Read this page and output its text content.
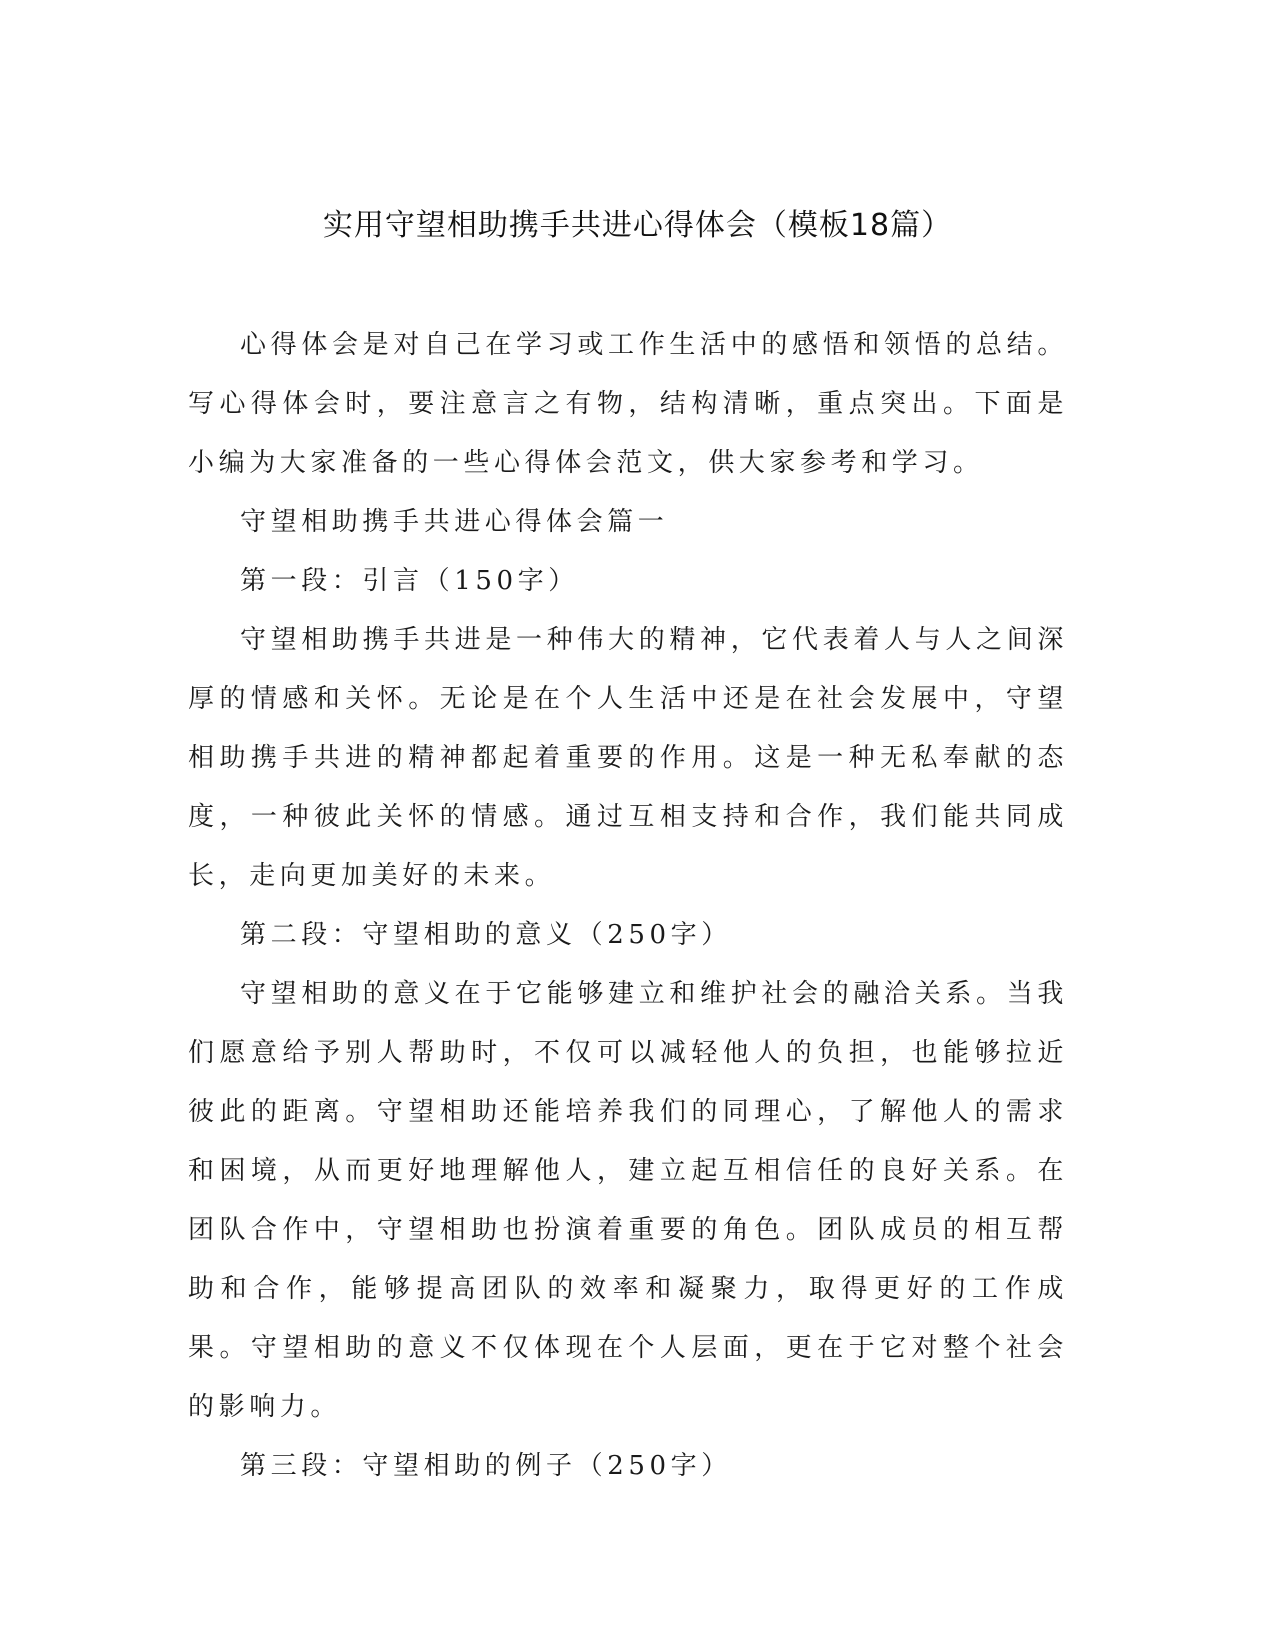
实用守望相助携手共进心得体会（模板18篇）

心得体会是对自己在学习或工作生活中的感悟和领悟的总结。写心得体会时，要注意言之有物，结构清晰，重点突出。下面是小编为大家准备的一些心得体会范文，供大家参考和学习。

守望相助携手共进心得体会篇一

第一段：引言（150字）

守望相助携手共进是一种伟大的精神，它代表着人与人之间深厚的情感和关怀。无论是在个人生活中还是在社会发展中，守望相助携手共进的精神都起着重要的作用。这是一种无私奉献的态度，一种彼此关怀的情感。通过互相支持和合作，我们能共同成长，走向更加美好的未来。

第二段：守望相助的意义（250字）

守望相助的意义在于它能够建立和维护社会的融洽关系。当我们愿意给予别人帮助时，不仅可以减轻他人的负担，也能够拉近彼此的距离。守望相助还能培养我们的同理心，了解他人的需求和困境，从而更好地理解他人，建立起互相信任的良好关系。在团队合作中，守望相助也扮演着重要的角色。团队成员的相互帮助和合作，能够提高团队的效率和凝聚力，取得更好的工作成果。守望相助的意义不仅体现在个人层面，更在于它对整个社会的影响力。

第三段：守望相助的例子（250字）
